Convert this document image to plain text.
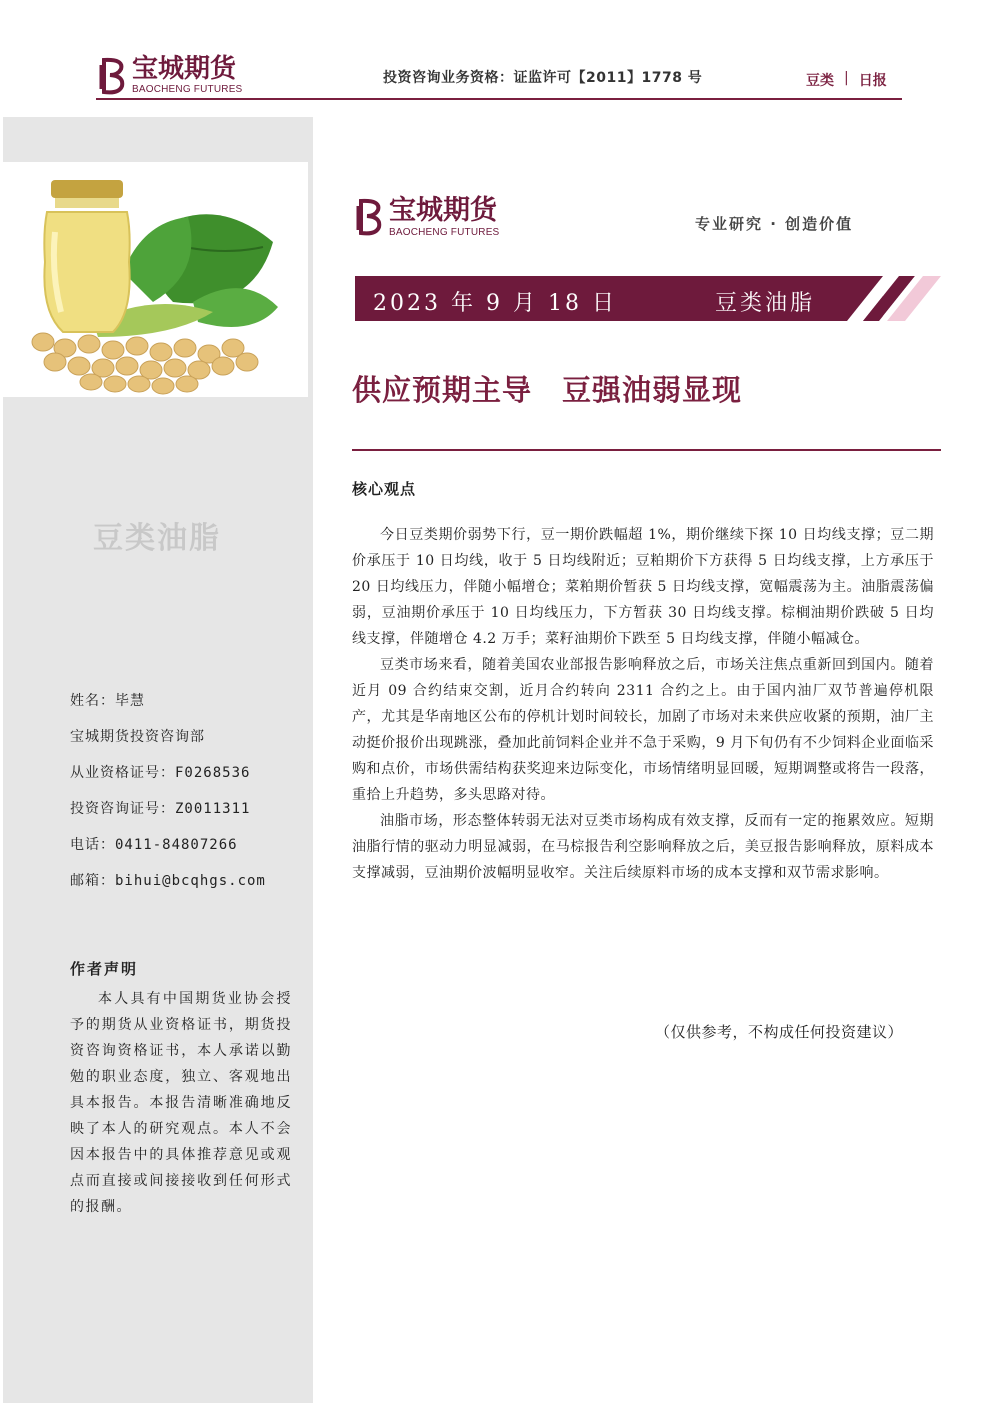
宝城期货
BAOCHENG FUTURES
投资咨询业务资格：证监许可【2011】1778 号	豆类 | 日报
豆类油脂
姓名：毕慧
宝城期货投资咨询部
从业资格证号：F0268536
投资咨询证号：Z0011311
电话：0411-84807266
邮箱：bihui@bcqhgs.com
作者声明
本人具有中国期货业协会授予的期货从业资格证书，期货投资咨询资格证书，本人承诺以勤勉的职业态度，独立、客观地出具本报告。本报告清晰准确地反映了本人的研究观点。本人不会因本报告中的具体推荐意见或观点而直接或间接接收到任何形式的报酬。
宝城期货
BAOCHENG FUTURES	专业研究 · 创造价值
2023 年 9 月 18 日	豆类油脂
供应预期主导 豆强油弱显现
核心观点

今日豆类期价弱势下行，豆一期价跌幅超 1%，期价继续下探 10 日均线支撑；豆二期价承压于 10 日均线，收于 5 日均线附近；豆粕期价下方获得 5 日均线支撑，上方承压于 20 日均线压力，伴随小幅增仓；菜粕期价暂获 5 日均线支撑，宽幅震荡为主。油脂震荡偏弱，豆油期价承压于 10 日均线压力，下方暂获 30 日均线支撑。棕榈油期价跌破 5 日均线支撑，伴随增仓 4.2 万手；菜籽油期价下跌至 5 日均线支撑，伴随小幅减仓。

豆类市场来看，随着美国农业部报告影响释放之后，市场关注焦点重新回到国内。随着近月 09 合约结束交割，近月合约转向 2311 合约之上。由于国内油厂双节普遍停机限产，尤其是华南地区公布的停机计划时间较长，加剧了市场对未来供应收紧的预期，油厂主动挺价报价出现跳涨，叠加此前饲料企业并不急于采购，9 月下旬仍有不少饲料企业面临采购和点价，市场供需结构获奖迎来边际变化，市场情绪明显回暖，短期调整或将告一段落，重拾上升趋势，多头思路对待。

油脂市场，形态整体转弱无法对豆类市场构成有效支撑，反而有一定的拖累效应。短期油脂行情的驱动力明显减弱，在马棕报告利空影响释放之后，美豆报告影响释放，原料成本支撑减弱，豆油期价波幅明显收窄。关注后续原料市场的成本支撑和双节需求影响。

（仅供参考，不构成任何投资建议）
